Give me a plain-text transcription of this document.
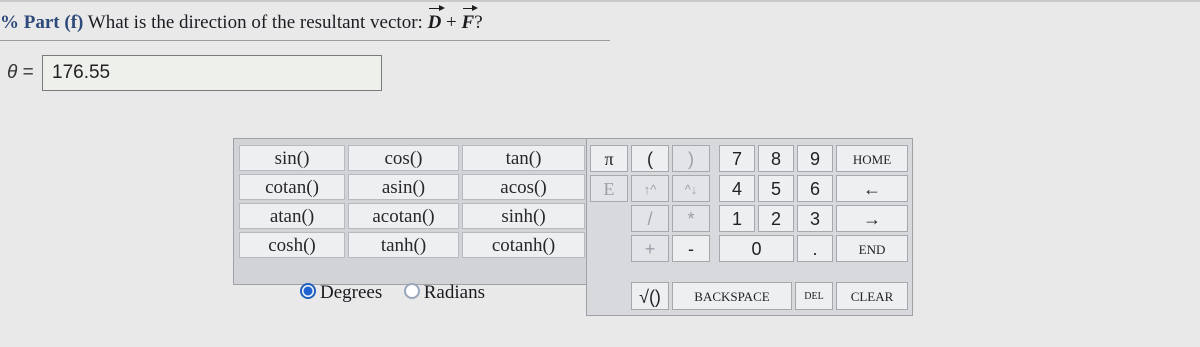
% Part (f) What is the direction of the resultant vector: D + F?
θ =
176.55
sin()	cos()	tan()
cotan()	asin()	acos()
atan()	acotan()	sinh()
cosh()	tanh()	cotanh()
Degrees Radians
π	(	)	7	8	9	HOME
E	↑^	^↓	4	5	6	←
/	*	1	2	3	→
+	-	0	.	END
√()	BACKSPACE	DEL	CLEAR
